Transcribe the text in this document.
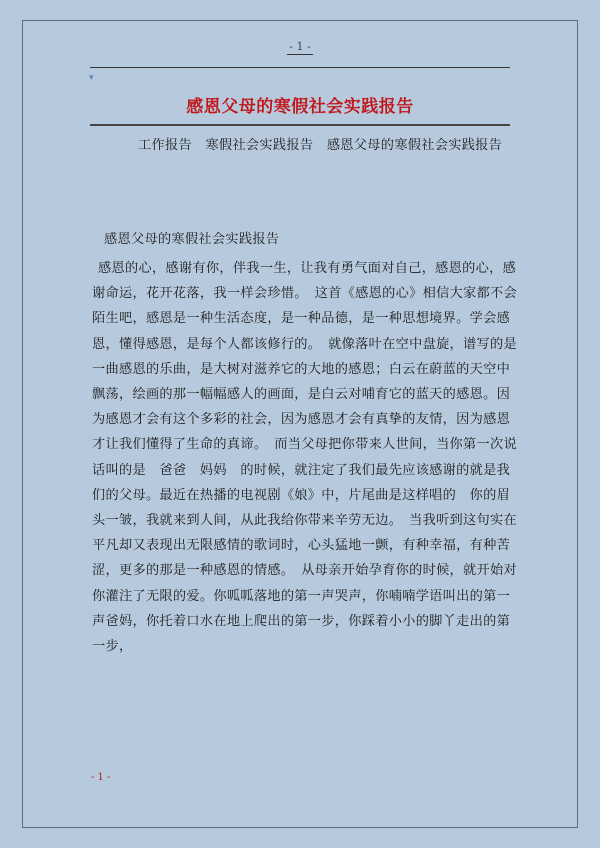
- 1 -
▾
感恩父母的寒假社会实践报告

工作报告　寒假社会实践报告　感恩父母的寒假社会实践报告

感恩父母的寒假社会实践报告

感恩的心，感谢有你，伴我一生，让我有勇气面对自己，感恩的心，感谢命运，花开花落，我一样会珍惜。　这首《感恩的心》相信大家都不会陌生吧，感恩是一种生活态度，是一种品德，是一种思想境界。学会感恩，懂得感恩，是每个人都该修行的。　就像落叶在空中盘旋，谱写的是一曲感恩的乐曲，是大树对滋养它的大地的感恩；白云在蔚蓝的天空中飘荡，绘画的那一幅幅感人的画面，是白云对哺育它的蓝天的感恩。因为感恩才会有这个多彩的社会，因为感恩才会有真挚的友情，因为感恩才让我们懂得了生命的真谛。　而当父母把你带来人世间，当你第一次说话叫的是　爸爸　妈妈　的时候，就注定了我们最先应该感谢的就是我们的父母。最近在热播的电视剧《娘》中，片尾曲是这样唱的　你的眉头一皱，我就来到人间，从此我给你带来辛劳无边。　当我听到这句实在平凡却又表现出无限感情的歌词时，心头猛地一颤，有种幸福，有种苦涩，更多的那是一种感恩的情感。　从母亲开始孕育你的时候，就开始对你灌注了无限的爱。你呱呱落地的第一声哭声，你喃喃学语叫出的第一声爸妈，你托着口水在地上爬出的第一步，你踩着小小的脚丫走出的第一步，

- 1 -
